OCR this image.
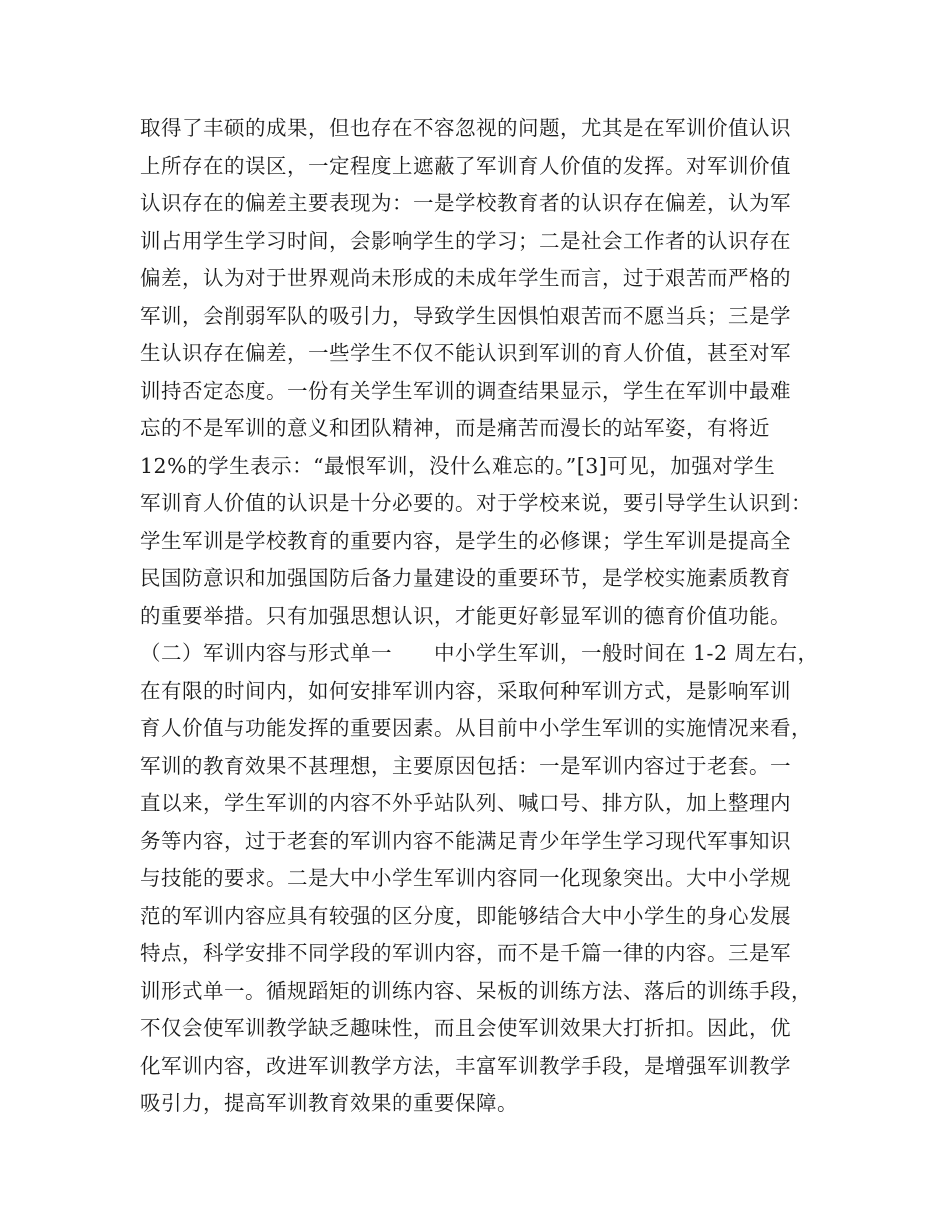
取得了丰硕的成果，但也存在不容忽视的问题，尤其是在军训价值认识
上所存在的误区，一定程度上遮蔽了军训育人价值的发挥。对军训价值
认识存在的偏差主要表现为：一是学校教育者的认识存在偏差，认为军
训占用学生学习时间，会影响学生的学习；二是社会工作者的认识存在
偏差，认为对于世界观尚未形成的未成年学生而言，过于艰苦而严格的
军训，会削弱军队的吸引力，导致学生因惧怕艰苦而不愿当兵；三是学
生认识存在偏差，一些学生不仅不能认识到军训的育人价值，甚至对军
训持否定态度。一份有关学生军训的调查结果显示，学生在军训中最难
忘的不是军训的意义和团队精神，而是痛苦而漫长的站军姿，有将近
12%的学生表示：“最恨军训，没什么难忘的。”[3]可见，加强对学生
军训育人价值的认识是十分必要的。对于学校来说，要引导学生认识到：
学生军训是学校教育的重要内容，是学生的必修课；学生军训是提高全
民国防意识和加强国防后备力量建设的重要环节，是学校实施素质教育
的重要举措。只有加强思想认识，才能更好彰显军训的德育价值功能。
（二）军训内容与形式单一　　中小学生军训，一般时间在 1-2 周左右，
在有限的时间内，如何安排军训内容，采取何种军训方式，是影响军训
育人价值与功能发挥的重要因素。从目前中小学生军训的实施情况来看，
军训的教育效果不甚理想，主要原因包括：一是军训内容过于老套。一
直以来，学生军训的内容不外乎站队列、喊口号、排方队，加上整理内
务等内容，过于老套的军训内容不能满足青少年学生学习现代军事知识
与技能的要求。二是大中小学生军训内容同一化现象突出。大中小学规
范的军训内容应具有较强的区分度，即能够结合大中小学生的身心发展
特点，科学安排不同学段的军训内容，而不是千篇一律的内容。三是军
训形式单一。循规蹈矩的训练内容、呆板的训练方法、落后的训练手段，
不仅会使军训教学缺乏趣味性，而且会使军训效果大打折扣。因此，优
化军训内容，改进军训教学方法，丰富军训教学手段，是增强军训教学
吸引力，提高军训教育效果的重要保障。
